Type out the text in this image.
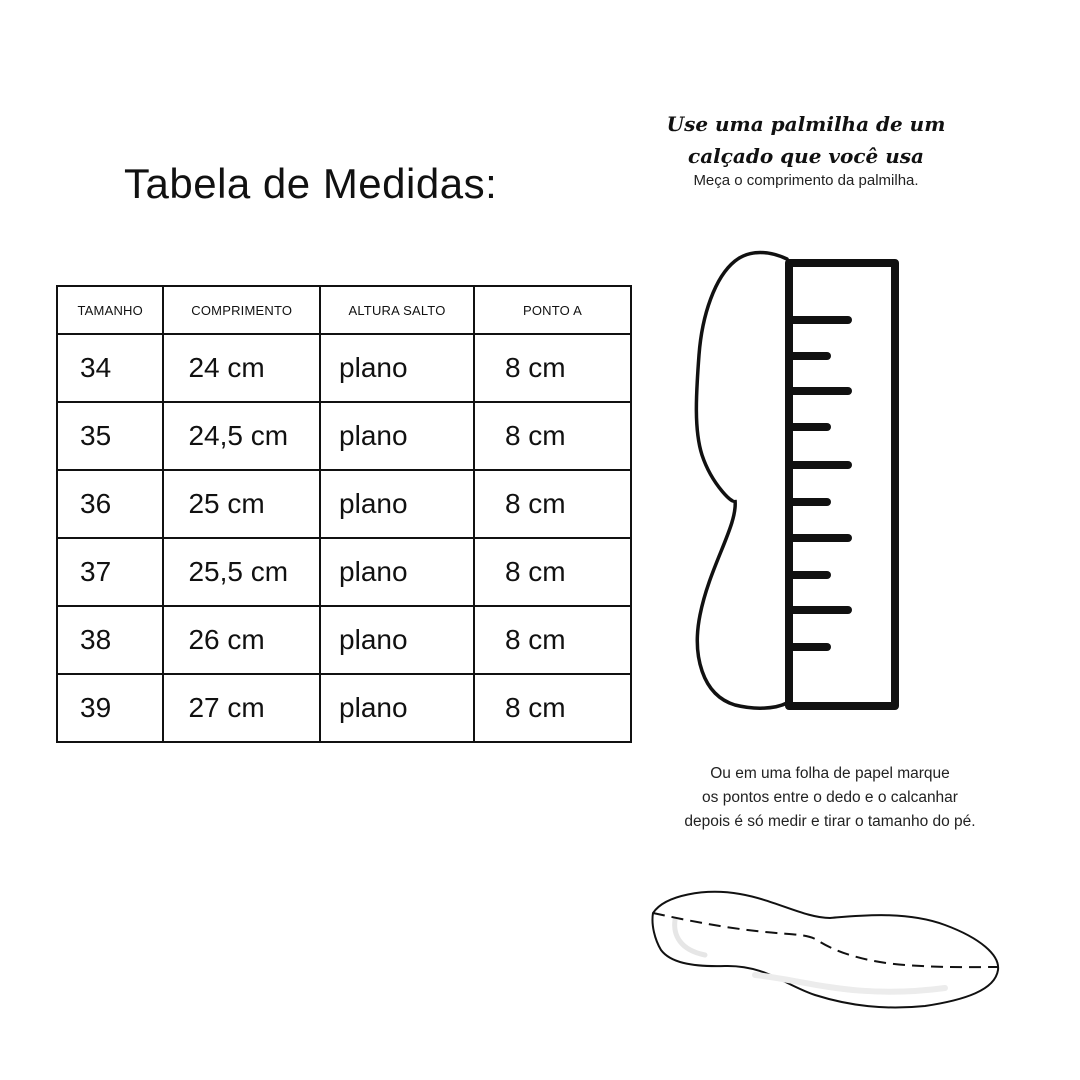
Tabela de Medidas:
TAMANHO	COMPRIMENTO	ALTURA SALTO	PONTO A
34	24 cm	plano	8 cm
35	24,5 cm	plano	8 cm
36	25 cm	plano	8 cm
37	25,5 cm	plano	8 cm
38	26 cm	plano	8 cm
39	27 cm	plano	8 cm
Use uma palmilha de um
calçado que você usa
Meça o comprimento da palmilha.
Ou em uma folha de papel marque
os pontos entre o dedo e o calcanhar
depois é só medir e tirar o tamanho do pé.
